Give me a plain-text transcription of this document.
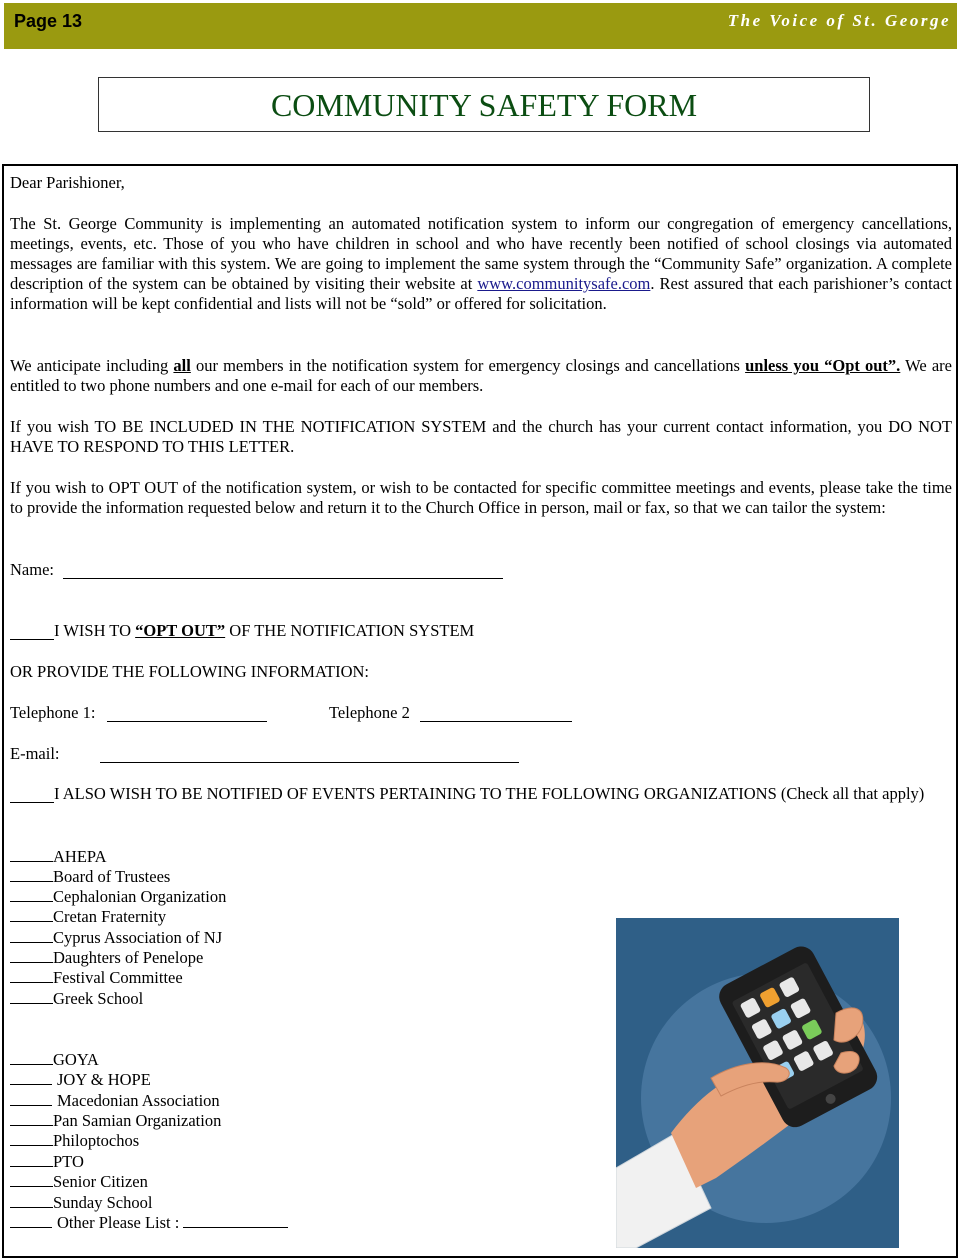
Page 13	The Voice of St. George
COMMUNITY SAFETY FORM
Dear Parishioner,
The St. George Community is implementing an automated notification system to inform our congregation of emergency cancellations, meetings, events, etc. Those of you who have children in school and who have recently been notified of school closings via automated messages are familiar with this system. We are going to implement the same system through the “Community Safe” organization. A complete description of the system can be obtained by visiting their website at www.communitysafe.com. Rest assured that each parishioner’s contact information will be kept confidential and lists will not be “sold” or offered for solicitation.
We anticipate including all our members in the notification system for emergency closings and cancellations unless you “Opt out”. We are entitled to two phone numbers and one e-mail for each of our members.
If you wish TO BE INCLUDED IN THE NOTIFICATION SYSTEM and the church has your current contact information, you DO NOT HAVE TO RESPOND TO THIS LETTER.
If you wish to OPT OUT of the notification system, or wish to be contacted for specific committee meetings and events, please take the time to provide the information requested below and return it to the Church Office in person, mail or fax, so that we can tailor the system:
Name:
I WISH TO “OPT OUT” OF THE NOTIFICATION SYSTEM
OR PROVIDE THE FOLLOWING INFORMATION:
Telephone 1:	Telephone 2
E-mail:
I ALSO WISH TO BE NOTIFIED OF EVENTS PERTAINING TO THE FOLLOWING ORGANIZATIONS (Check all that apply)
AHEPA
Board of Trustees
Cephalonian Organization
Cretan Fraternity
Cyprus Association of NJ
Daughters of Penelope
Festival Committee
Greek School
GOYA
JOY & HOPE
Macedonian Association
Pan Samian Organization
Philoptochos
PTO
Senior Citizen
Sunday School
Other Please List :
